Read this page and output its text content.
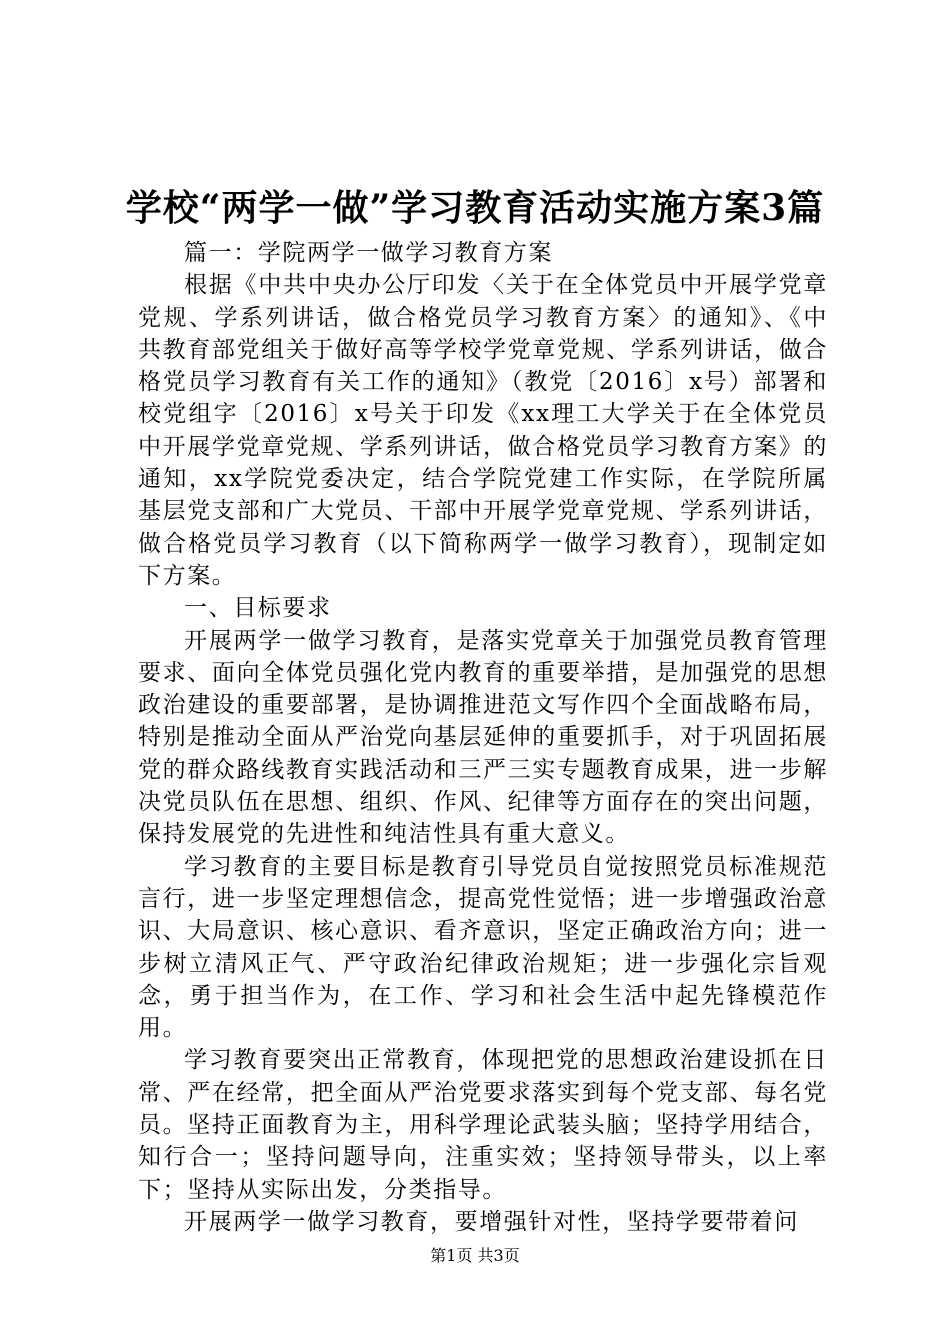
学校“两学一做”学习教育活动实施方案3篇

篇一：学院两学一做学习教育方案

根据《中共中央办公厅印发〈关于在全体党员中开展学党章党规、学系列讲话，做合格党员学习教育方案〉的通知》、《中共教育部党组关于做好高等学校学党章党规、学系列讲话，做合格党员学习教育有关工作的通知》（教党〔2016〕x号）部署和校党组字〔2016〕x号关于印发《xx理工大学关于在全体党员中开展学党章党规、学系列讲话，做合格党员学习教育方案》的通知，xx学院党委决定，结合学院党建工作实际，在学院所属基层党支部和广大党员、干部中开展学党章党规、学系列讲话，做合格党员学习教育（以下简称两学一做学习教育），现制定如下方案。

一、目标要求

开展两学一做学习教育，是落实党章关于加强党员教育管理要求、面向全体党员强化党内教育的重要举措，是加强党的思想政治建设的重要部署，是协调推进范文写作四个全面战略布局，特别是推动全面从严治党向基层延伸的重要抓手，对于巩固拓展党的群众路线教育实践活动和三严三实专题教育成果，进一步解决党员队伍在思想、组织、作风、纪律等方面存在的突出问题，保持发展党的先进性和纯洁性具有重大意义。

学习教育的主要目标是教育引导党员自觉按照党员标准规范言行，进一步坚定理想信念，提高党性觉悟；进一步增强政治意识、大局意识、核心意识、看齐意识，坚定正确政治方向；进一步树立清风正气、严守政治纪律政治规矩；进一步强化宗旨观念，勇于担当作为，在工作、学习和社会生活中起先锋模范作用。

学习教育要突出正常教育，体现把党的思想政治建设抓在日常、严在经常，把全面从严治党要求落实到每个党支部、每名党员。坚持正面教育为主，用科学理论武装头脑；坚持学用结合，知行合一；坚持问题导向，注重实效；坚持领导带头，以上率下；坚持从实际出发，分类指导。

开展两学一做学习教育，要增强针对性，坚持学要带着问

第1页 共3页
